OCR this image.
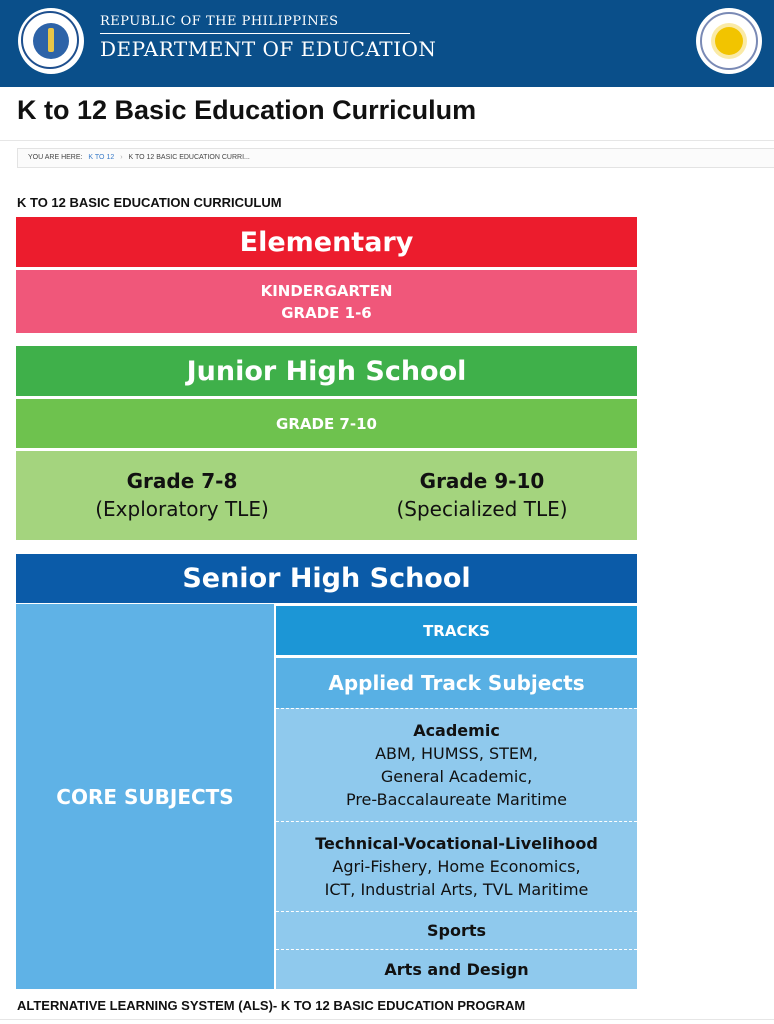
REPUBLIC OF THE PHILIPPINES
DEPARTMENT OF EDUCATION
K to 12 Basic Education Curriculum
YOU ARE HERE: K TO 12 › K TO 12 BASIC EDUCATION CURRI...
K TO 12 BASIC EDUCATION CURRICULUM
Elementary
KINDERGARTEN
GRADE 1-6
Junior High School
GRADE 7-10
Grade 7-8
(Exploratory TLE)
Grade 9-10
(Specialized TLE)
Senior High School
CORE SUBJECTS
TRACKS
Applied Track Subjects
Academic
ABM, HUMSS, STEM,
General Academic,
Pre-Baccalaureate Maritime
Technical-Vocational-Livelihood
Agri-Fishery, Home Economics,
ICT, Industrial Arts, TVL Maritime
Sports
Arts and Design
ALTERNATIVE LEARNING SYSTEM (ALS)- K TO 12 BASIC EDUCATION PROGRAM
